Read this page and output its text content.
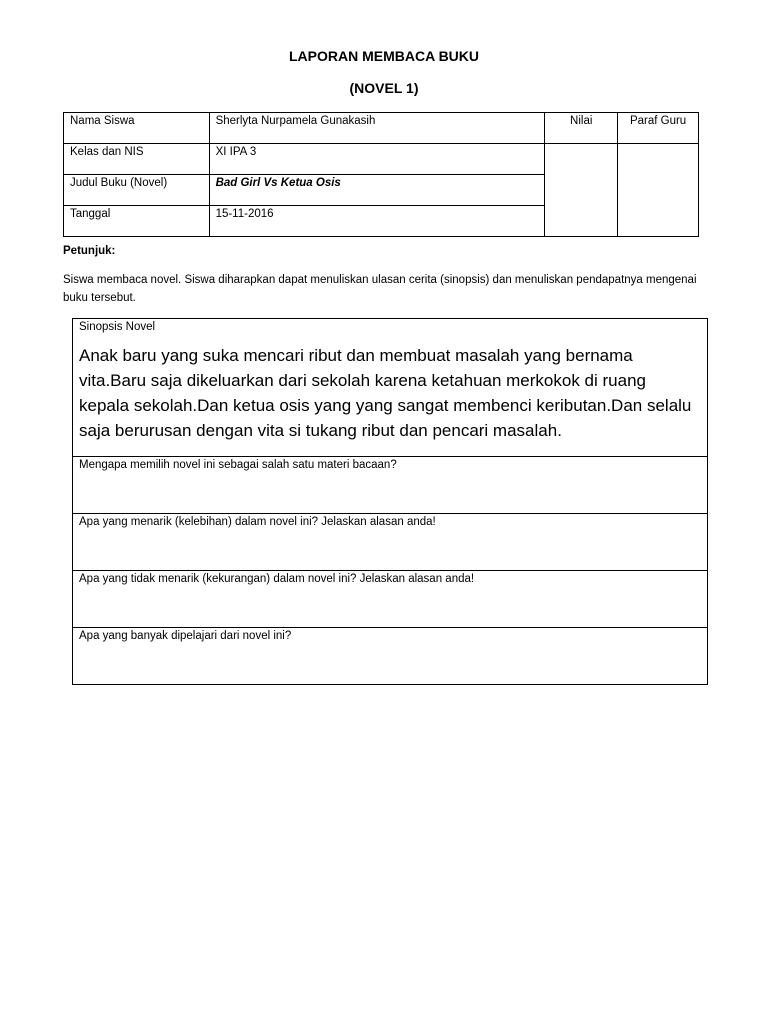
LAPORAN MEMBACA BUKU
(NOVEL 1)
Nama Siswa	Sherlyta Nurpamela Gunakasih	Nilai	Paraf Guru
Kelas dan NIS	XI IPA 3		
Judul Buku (Novel)	Bad Girl Vs Ketua Osis		
Tanggal	15-11-2016		
Petunjuk:
Siswa membaca novel. Siswa diharapkan dapat menuliskan ulasan cerita (sinopsis) dan menuliskan pendapatnya mengenai buku tersebut.
Sinopsis Novel
Anak baru yang suka mencari ribut dan membuat masalah yang bernama vita.Baru saja dikeluarkan dari sekolah karena ketahuan merkokok di ruang kepala sekolah.Dan ketua osis yang yang sangat membenci keributan.Dan selalu saja berurusan dengan vita si tukang ribut dan pencari masalah.
Mengapa memilih novel ini sebagai salah satu materi bacaan?
Apa yang menarik (kelebihan) dalam novel ini? Jelaskan alasan anda!
Apa yang tidak menarik (kekurangan) dalam novel ini? Jelaskan alasan anda!
Apa yang banyak dipelajari dari novel ini?
